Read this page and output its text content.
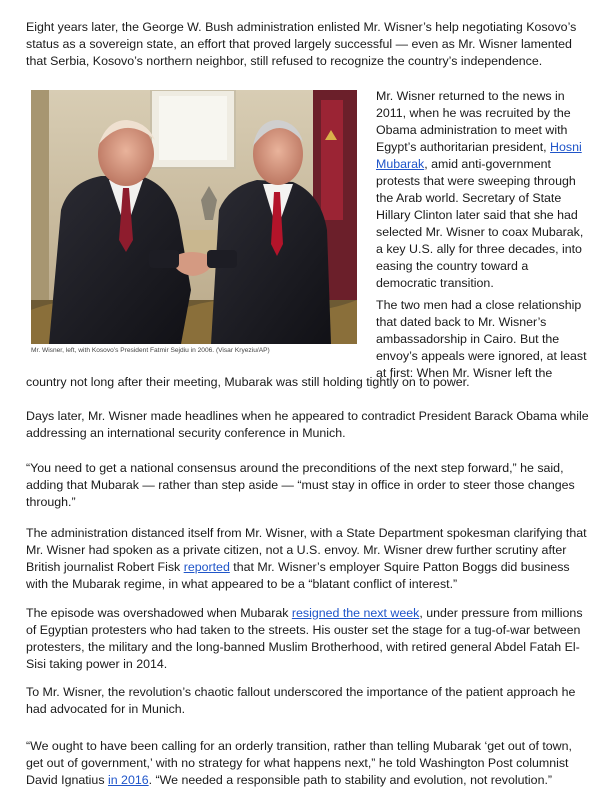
Eight years later, the George W. Bush administration enlisted Mr. Wisner’s help negotiating Kosovo’s status as a sovereign state, an effort that proved largely successful — even as Mr. Wisner lamented that Serbia, Kosovo’s northern neighbor, still refused to recognize the country’s independence.

Mr. Wisner, left, with Kosovo’s President Fatmir Sejdiu in 2006. (Visar Kryeziu/AP)

Mr. Wisner returned to the news in 2011, when he was recruited by the Obama administration to meet with Egypt’s authoritarian president, Hosni Mubarak, amid anti-government protests that were sweeping through the Arab world. Secretary of State Hillary Clinton later said that she had selected Mr. Wisner to coax Mubarak, a key U.S. ally for three decades, into easing the country toward a democratic transition.

The two men had a close relationship that dated back to Mr. Wisner’s ambassadorship in Cairo. But the envoy’s appeals were ignored, at least at first: When Mr. Wisner left the

country not long after their meeting, Mubarak was still holding tightly on to power.

Days later, Mr. Wisner made headlines when he appeared to contradict President Barack Obama while addressing an international security conference in Munich.

“You need to get a national consensus around the preconditions of the next step forward,” he said, adding that Mubarak — rather than step aside — “must stay in office in order to steer those changes through.”

The administration distanced itself from Mr. Wisner, with a State Department spokesman clarifying that Mr. Wisner had spoken as a private citizen, not a U.S. envoy. Mr. Wisner drew further scrutiny after British journalist Robert Fisk reported that Mr. Wisner’s employer Squire Patton Boggs did business with the Mubarak regime, in what appeared to be a “blatant conflict of interest.”

The episode was overshadowed when Mubarak resigned the next week, under pressure from millions of Egyptian protesters who had taken to the streets. His ouster set the stage for a tug-of-war between protesters, the military and the long-banned Muslim Brotherhood, with retired general Abdel Fatah El-Sisi taking power in 2014.

To Mr. Wisner, the revolution’s chaotic fallout underscored the importance of the patient approach he had advocated for in Munich.

“We ought to have been calling for an orderly transition, rather than telling Mubarak ‘get out of town, get out of government,’ with no strategy for what happens next,” he told Washington Post columnist David Ignatius in 2016. “We needed a responsible path to stability and evolution, not revolution.”
